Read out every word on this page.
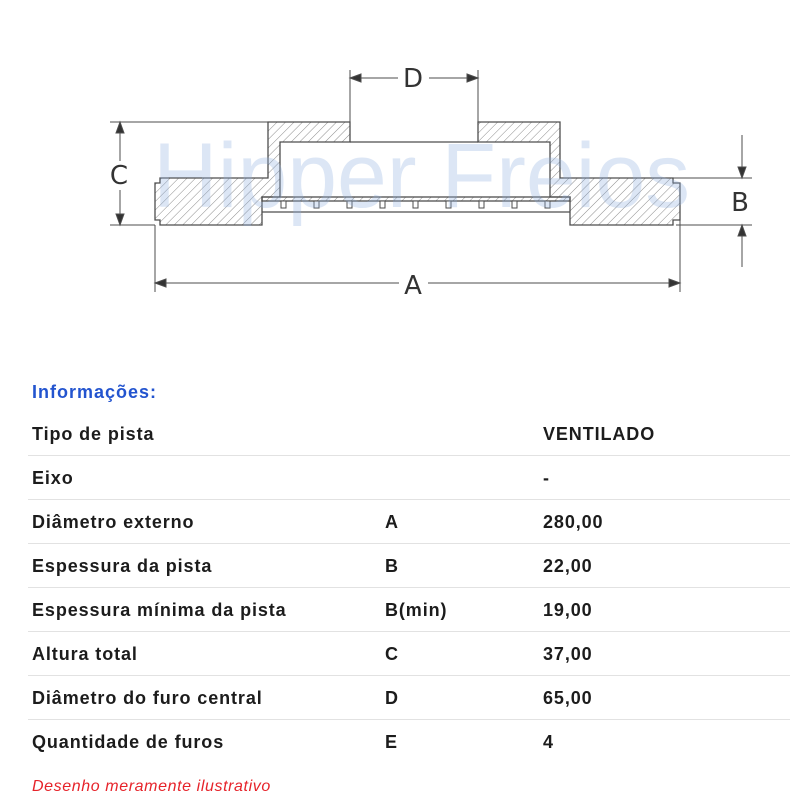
D
C
B
A
Hipper Freios
Informações:
Tipo de pista	VENTILADO
Eixo	-
Diâmetro externo	A	280,00
Espessura da pista	B	22,00
Espessura mínima da pista	B(min)	19,00
Altura total	C	37,00
Diâmetro do furo central	D	65,00
Quantidade de furos	E	4
Desenho meramente ilustrativo
